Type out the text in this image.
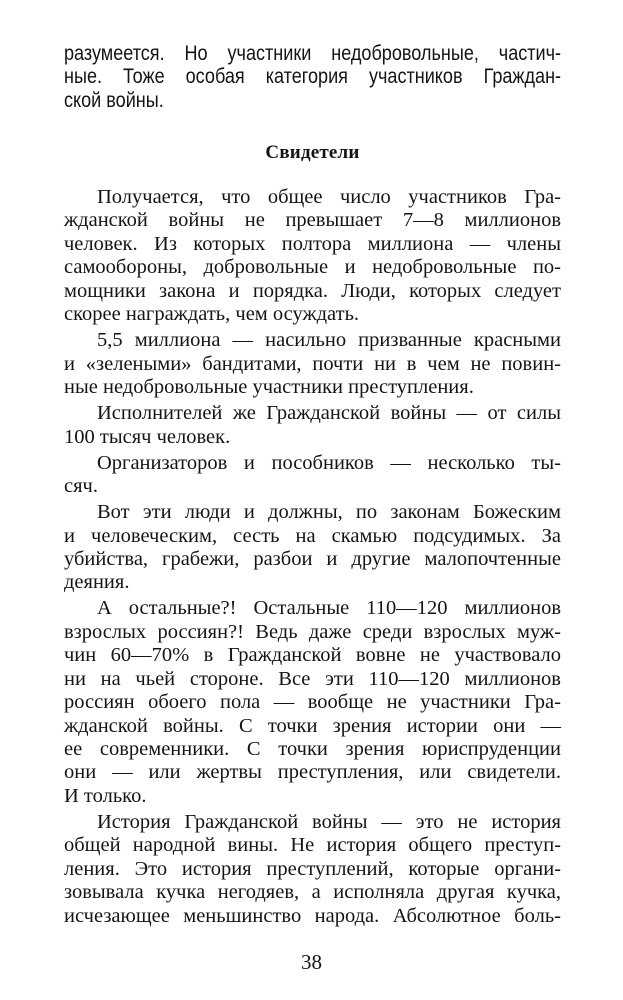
разумеется. Но участники недобровольные, частич-
ные. Тоже особая категория участников Граждан-
ской войны.
Свидетели
Получается, что общее число участников Гра-
жданской войны не превышает 7—8 миллионов
человек. Из которых полтора миллиона — члены
самообороны, добровольные и недобровольные по-
мощники закона и порядка. Люди, которых следует
скорее награждать, чем осуждать.
5,5 миллиона — насильно призванные красными
и «зелеными» бандитами, почти ни в чем не повин-
ные недобровольные участники преступления.
Исполнителей же Гражданской войны — от силы
100 тысяч человек.
Организаторов и пособников — несколько ты-
сяч.
Вот эти люди и должны, по законам Божеским
и человеческим, сесть на скамью подсудимых. За
убийства, грабежи, разбои и другие малопочтенные
деяния.
А остальные?! Остальные 110—120 миллионов
взрослых россиян?! Ведь даже среди взрослых муж-
чин 60—70% в Гражданской вовне не участвовало
ни на чьей стороне. Все эти 110—120 миллионов
россиян обоего пола — вообще не участники Гра-
жданской войны. С точки зрения истории они —
ее современники. С точки зрения юриспруденции
они — или жертвы преступления, или свидетели.
И только.
История Гражданской войны — это не история
общей народной вины. Не история общего преступ-
ления. Это история преступлений, которые органи-
зовывала кучка негодяев, а исполняла другая кучка,
исчезающее меньшинство народа. Абсолютное боль-
38
